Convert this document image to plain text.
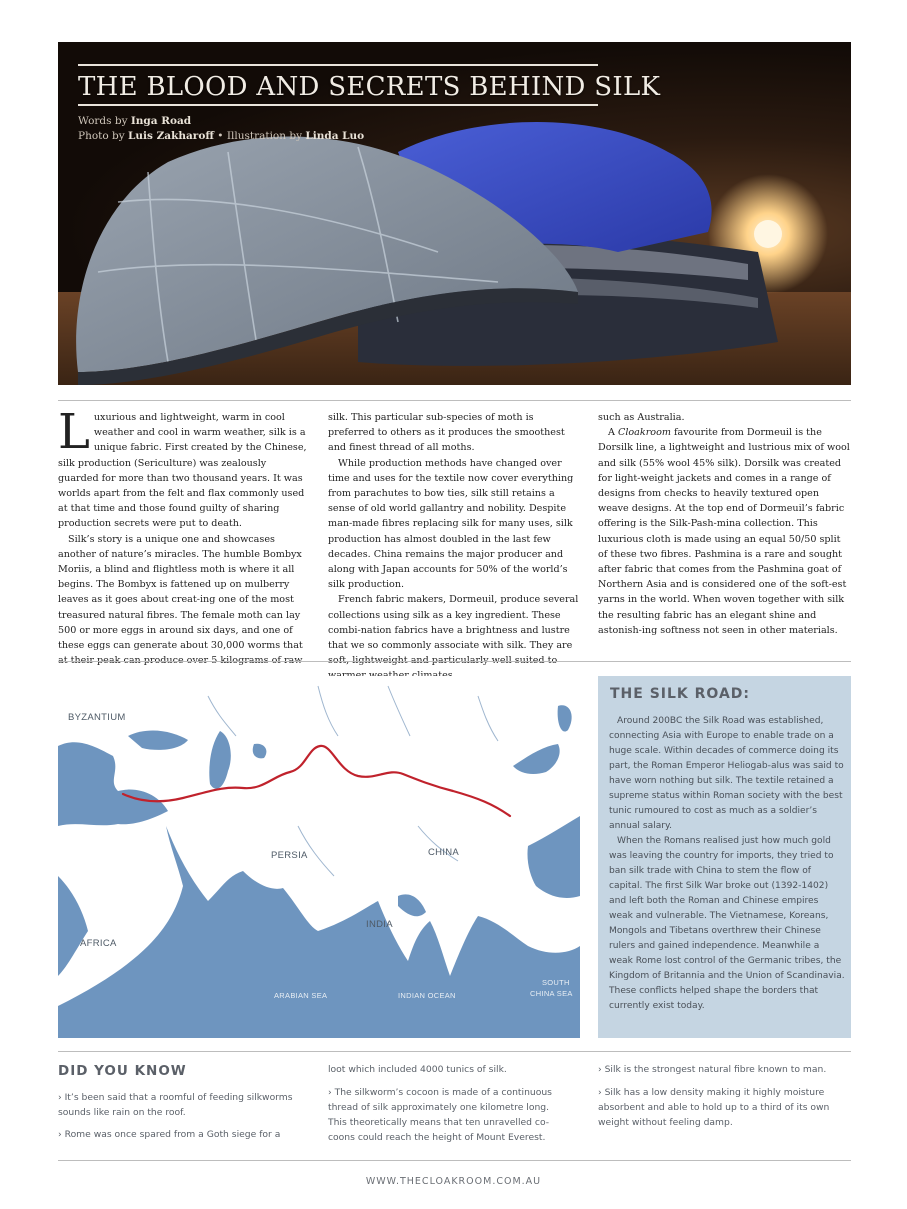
THE BLOOD AND SECRETS BEHIND SILK
Words by Inga Road
Photo by Luis Zakharoff • Illustration by Linda Luo

Luxurious and lightweight, warm in cool weather and cool in warm weather, silk is a unique fabric. First created by the Chinese, silk production (Sericulture) was zealously guarded for more than two thousand years. It was worlds apart from the felt and flax commonly used at that time and those found guilty of sharing production secrets were put to death.

Silk’s story is a unique one and showcases another of nature’s miracles. The humble Bombyx Moriis, a blind and flightless moth is where it all begins. The Bombyx is fattened up on mulberry leaves as it goes about creat-ing one of the most treasured natural fibres. The female moth can lay 500 or more eggs in around six days, and one of these eggs can generate about 30,000 worms that at their peak can produce over 5 kilograms of raw

silk. This particular sub-species of moth is preferred to others as it produces the smoothest and finest thread of all moths.

While production methods have changed over time and uses for the textile now cover everything from parachutes to bow ties, silk still retains a sense of old world gallantry and nobility. Despite man-made fibres replacing silk for many uses, silk production has almost doubled in the last few decades. China remains the major producer and along with Japan accounts for 50% of the world’s silk production.

French fabric makers, Dormeuil, produce several collections using silk as a key ingredient. These combi-nation fabrics have a brightness and lustre that we so commonly associate with silk. They are soft, lightweight and particularly well suited to

such as Australia.

A Cloakroom favourite from Dormeuil is the Dorsilk line, a lightweight and lustrious mix of wool and silk (55% wool 45% silk). Dorsilk was created for light-weight jackets and comes in a range of designs from checks to heavily textured open weave designs. At the top end of Dormeuil’s fabric offering is the Silk-Pash-mina collection. This luxurious cloth is made using an equal 50/50 split of these two fibres. Pashmina is a rare and sought after fabric that comes from the Pashmina goat of Northern Asia and is considered one of the soft-est yarns in the world. When woven together with silk the resulting fabric has an elegant shine and astonish-ing softness not seen in other materials.

BYZANTIUM
PERSIA	CHINA
INDIA
AFRICA
ARABIAN SEA	INDIAN OCEAN
SOUTH
CHINA SEA
THE SILK ROAD:

Around 200BC the Silk Road was established, connecting Asia with Europe to enable trade on a huge scale. Within decades of commerce doing its part, the Roman Emperor Heliogab-alus was said to have worn nothing but silk. The textile retained a supreme status within Roman society with the best tunic rumoured to cost as much as a soldier’s annual salary.

When the Romans realised just how much gold was leaving the country for imports, they tried to ban silk trade with China to stem the flow of capital. The first Silk War broke out (1392-1402) and left both the Roman and Chinese empires weak and vulnerable. The Vietnamese, Koreans, Mongols and Tibetans overthrew their Chinese rulers and gained independence. Meanwhile a weak Rome lost control of the Germanic tribes, the Kingdom of Britannia and the Union of Scandinavia. These conflicts helped shape the borders that currently exist today.

DID YOU KNOW

› It’s been said that a roomful of feeding silkworms sounds like rain on the roof.

› Rome was once spared from a Goth siege for a

loot which included 4000 tunics of silk.

› The silkworm’s cocoon is made of a continuous thread of silk approximately one kilometre long. This theoretically means that ten unravelled co-coons could reach the height of Mount Everest.

› Silk is the strongest natural fibre known to man.

› Silk has a low density making it highly moisture absorbent and able to hold up to a third of its own weight without feeling damp.

WWW.THECLOAKROOM.COM.AU
